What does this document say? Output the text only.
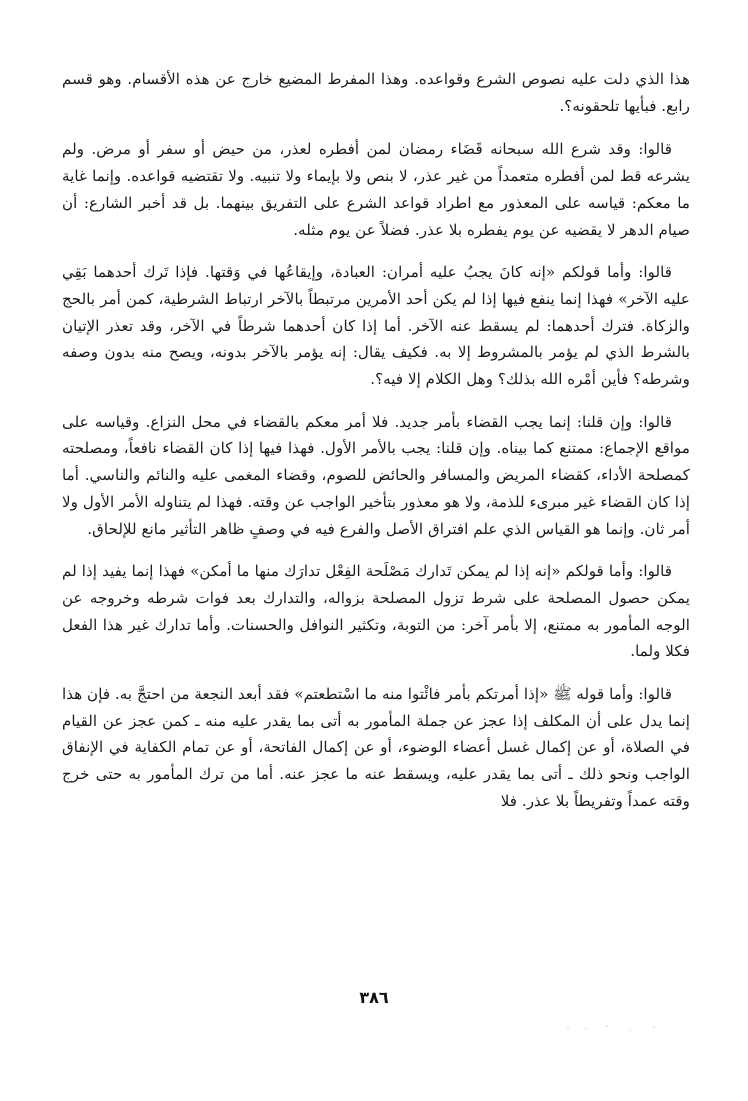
هذا الذي دلت عليه نصوص الشرع وقواعده. وهذا المفرط المضيع خارج عن هذه الأقسام. وهو قسم رابع. فبأيها تلحقونه؟.

قالوا: وقد شرع الله سبحانه قَضَاء رمضان لمن أفطره لعذر، من حيض أو سفر أو مرض. ولم يشرعه قط لمن أفطره متعمداً من غير عذر، لا بنص ولا بإيماء ولا تنبيه. ولا تقتضيه قواعده. وإنما غاية ما معكم: قياسه على المعذور مع اطراد قواعد الشرع على التفريق بينهما. بل قد أخبر الشارع: أن صيام الدهر لا يقضيه عن يوم يفطره بلا عذر. فضلاً عن يوم مثله.

قالوا: وأما قولكم «إنه كانَ يجبُ عليه أمران: العبادة، وإيقاعُها في وَقتها. فإذا تَرك أحدهما بَقِي عليه الآخر» فهذا إنما ينفع فيها إذا لم يكن أحد الأمرين مرتبطاً بالآخر ارتباط الشرطية، كمن أمر بالحج والزكاة. فترك أحدهما: لم يسقط عنه الآخر. أما إذا كان أحدهما شرطاً في الآخر، وقد تعذر الإتيان بالشرط الذي لم يؤمر بالمشروط إلا به. فكيف يقال: إنه يؤمر بالآخر بدونه، ويصح منه بدون وصفه وشرطه؟ فأين أمْره الله بذلك؟ وهل الكلام إلا فيه؟.

قالوا: وإن قلنا: إنما يجب القضاء بأمر جديد. فلا أمر معكم بالقضاء في محل النزاع. وقياسه على مواقع الإجماع: ممتنع كما بيناه. وإن قلنا: يجب بالأمر الأول. فهذا فيها إذا كان القضاء نافعاً، ومصلحته كمصلحة الأداء، كقضاء المريض والمسافر والحائض للصوم، وقضاء المغمى عليه والنائم والناسي. أما إذا كان القضاء غير مبرىء للذمة، ولا هو معذور بتأخير الواجب عن وقته. فهذا لم يتناوله الأمر الأول ولا أمر ثان. وإنما هو القياس الذي علم افتراق الأصل والفرع فيه في وصفٍ ظاهر التأثير مانع للإلحاق.

قالوا: وأما قولكم «إنه إذا لم يمكن تَدارك مَصْلَحة الفِعْل تدارَك منها ما أمكن» فهذا إنما يفيد إذا لم يمكن حصول المصلحة على شرط تزول المصلحة بزواله، والتدارك بعد فوات شرطه وخروجه عن الوجه المأمور به ممتنع، إلا بأمر آخر: من التوبة، وتكثير النوافل والحسنات. وأما تدارك غير هذا الفعل فكلا ولما.

قالوا: وأما قوله ﷺ «إذا أمرتكم بأمر فائْتوا منه ما اسْتطعتم» فقد أبعد النجعة من احتجَّ به. فإن هذا إنما يدل على أن المكلف إذا عجز عن جملة المأمور به أتى بما يقدر عليه منه ـ كمن عجز عن القيام في الصلاة، أو عن إكمال غسل أعضاء الوضوء، أو عن إكمال الفاتحة، أو عن تمام الكفاية في الإنفاق الواجب ونحو ذلك ـ أتى بما يقدر عليه، ويسقط عنه ما عجز عنه. أما من ترك المأمور به حتى خرج وقته عمداً وتفريطاً بلا عذر. فلا

٣٨٦
